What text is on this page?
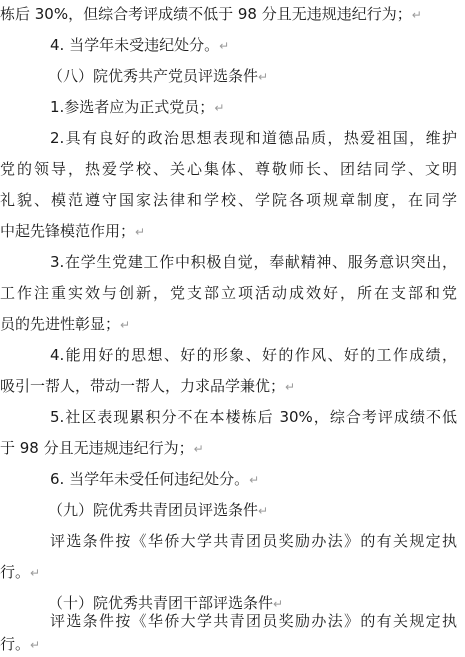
栋后 30%，但综合考评成绩不低于 98 分且无违规违纪行为；↵
4. 当学年未受违纪处分。↵
（八）院优秀共产党员评选条件↵
1.参选者应为正式党员；↵
2.具有良好的政治思想表现和道德品质，热爱祖国，维护
党的领导，热爱学校、关心集体、尊敬师长、团结同学、文明
礼貌、模范遵守国家法律和学校、学院各项规章制度，在同学
中起先锋模范作用；↵
3.在学生党建工作中积极自觉，奉献精神、服务意识突出，
工作注重实效与创新，党支部立项活动成效好，所在支部和党
员的先进性彰显；↵
4.能用好的思想、好的形象、好的作风、好的工作成绩，
吸引一帮人，带动一帮人，力求品学兼优；↵
5.社区表现累积分不在本楼栋后 30%，综合考评成绩不低
于 98 分且无违规违纪行为；↵
6. 当学年未受任何违纪处分。↵
（九）院优秀共青团员评选条件↵
评选条件按《华侨大学共青团员奖励办法》的有关规定执
行。↵
（十）院优秀共青团干部评选条件↵
评选条件按《华侨大学共青团员奖励办法》的有关规定执
行。↵
